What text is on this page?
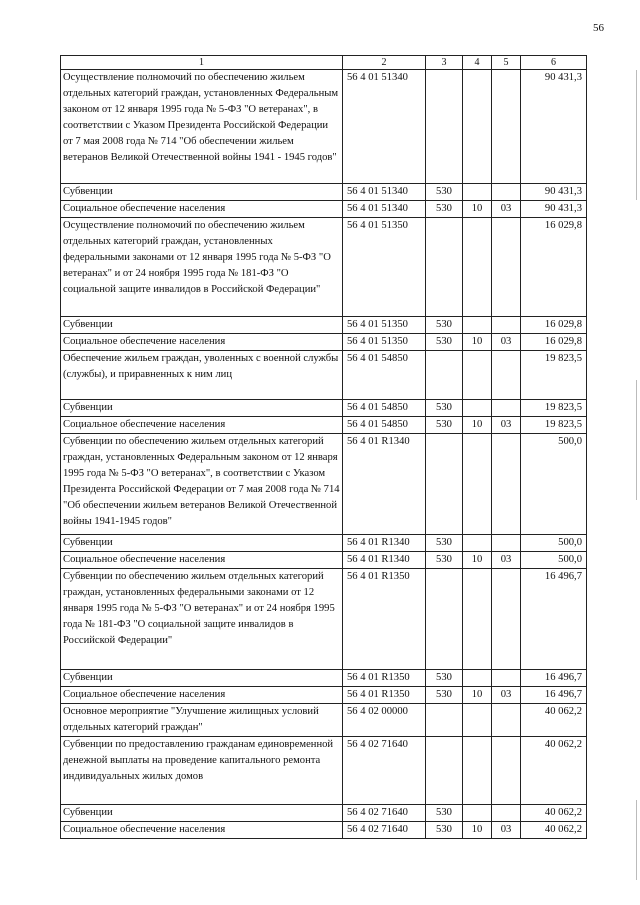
56
1	2	3	4	5	6
Осуществление полномочий по обеспечению жильем отдельных категорий граждан, установленных Федеральным законом от 12 января 1995 года № 5-ФЗ "О ветеранах", в соответствии с Указом Президента Российской Федерации от 7 мая 2008 года № 714 "Об обеспечении жильем ветеранов Великой Отечественной войны 1941 - 1945 годов"	56 4 01 51340				90 431,3
Субвенции	56 4 01 51340	530			90 431,3
Социальное обеспечение населения	56 4 01 51340	530	10	03	90 431,3
Осуществление полномочий по обеспечению жильем отдельных категорий граждан, установленных федеральными законами от 12 января 1995 года № 5-ФЗ "О ветеранах" и от 24 ноября 1995 года № 181-ФЗ "О социальной защите инвалидов в Российской Федерации"	56 4 01 51350				16 029,8
Субвенции	56 4 01 51350	530			16 029,8
Социальное обеспечение населения	56 4 01 51350	530	10	03	16 029,8
Обеспечение жильем граждан, уволенных с военной службы (службы), и приравненных к ним лиц	56 4 01 54850				19 823,5
Субвенции	56 4 01 54850	530			19 823,5
Социальное обеспечение населения	56 4 01 54850	530	10	03	19 823,5
Субвенции по обеспечению жильем отдельных категорий граждан, установленных Федеральным законом от 12 января 1995 года № 5-ФЗ "О ветеранах", в соответствии с Указом Президента Российской Федерации от 7 мая 2008 года № 714 "Об обеспечении жильем ветеранов Великой Отечественной войны 1941-1945 годов"	56 4 01 R1340				500,0
Субвенции	56 4 01 R1340	530			500,0
Социальное обеспечение населения	56 4 01 R1340	530	10	03	500,0
Субвенции по обеспечению жильем отдельных категорий граждан, установленных федеральными законами от 12 января 1995 года № 5-ФЗ "О ветеранах" и от 24 ноября 1995 года № 181-ФЗ "О социальной защите инвалидов в Российской Федерации"	56 4 01 R1350				16 496,7
Субвенции	56 4 01 R1350	530			16 496,7
Социальное обеспечение населения	56 4 01 R1350	530	10	03	16 496,7
Основное мероприятие "Улучшение жилищных условий отдельных категорий граждан"	56 4 02 00000				40 062,2
Субвенции по предоставлению гражданам единовременной денежной выплаты на проведение капитального ремонта индивидуальных жилых домов	56 4 02 71640				40 062,2
Субвенции	56 4 02 71640	530			40 062,2
Социальное обеспечение населения	56 4 02 71640	530	10	03	40 062,2
